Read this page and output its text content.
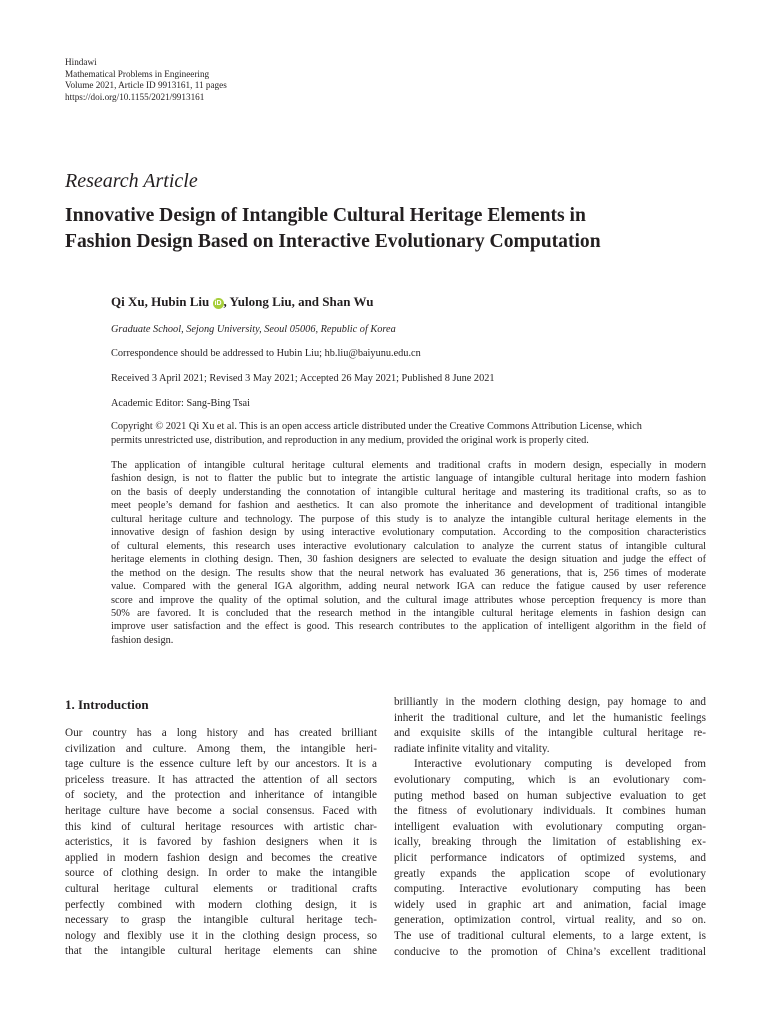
Hindawi
Mathematical Problems in Engineering
Volume 2021, Article ID 9913161, 11 pages
https://doi.org/10.1155/2021/9913161
Research Article
Innovative Design of Intangible Cultural Heritage Elements in
Fashion Design Based on Interactive Evolutionary Computation
Qi Xu, Hubin Liu iD , Yulong Liu, and Shan Wu
Graduate School, Sejong University, Seoul 05006, Republic of Korea
Correspondence should be addressed to Hubin Liu; hb.liu@baiyunu.edu.cn
Received 3 April 2021; Revised 3 May 2021; Accepted 26 May 2021; Published 8 June 2021
Academic Editor: Sang-Bing Tsai
Copyright © 2021 Qi Xu et al. This is an open access article distributed under the Creative Commons Attribution License, which
permits unrestricted use, distribution, and reproduction in any medium, provided the original work is properly cited.
The application of intangible cultural heritage cultural elements and traditional crafts in modern design, especially in modern
fashion design, is not to flatter the public but to integrate the artistic language of intangible cultural heritage into modern fashion
on the basis of deeply understanding the connotation of intangible cultural heritage and mastering its traditional crafts, so as to
meet people’s demand for fashion and aesthetics. It can also promote the inheritance and development of traditional intangible
cultural heritage culture and technology. The purpose of this study is to analyze the intangible cultural heritage elements in the
innovative design of fashion design by using interactive evolutionary computation. According to the composition characteristics
of cultural elements, this research uses interactive evolutionary calculation to analyze the current status of intangible cultural
heritage elements in clothing design. Then, 30 fashion designers are selected to evaluate the design situation and judge the effect of
the method on the design. The results show that the neural network has evaluated 36 generations, that is, 256 times of moderate
value. Compared with the general IGA algorithm, adding neural network IGA can reduce the fatigue caused by user reference
score and improve the quality of the optimal solution, and the cultural image attributes whose perception frequency is more than
50% are favored. It is concluded that the research method in the intangible cultural heritage elements in fashion design can
improve user satisfaction and the effect is good. This research contributes to the application of intelligent algorithm in the field of
fashion design.
1. Introduction
Our country has a long history and has created brilliant
civilization and culture. Among them, the intangible heri-
tage culture is the essence culture left by our ancestors. It is a
priceless treasure. It has attracted the attention of all sectors
of society, and the protection and inheritance of intangible
heritage culture have become a social consensus. Faced with
this kind of cultural heritage resources with artistic char-
acteristics, it is favored by fashion designers when it is
applied in modern fashion design and becomes the creative
source of clothing design. In order to make the intangible
cultural heritage cultural elements or traditional crafts
perfectly combined with modern clothing design, it is
necessary to grasp the intangible cultural heritage tech-
nology and flexibly use it in the clothing design process, so
that the intangible cultural heritage elements can shine
brilliantly in the modern clothing design, pay homage to and
inherit the traditional culture, and let the humanistic feelings
and exquisite skills of the intangible cultural heritage re-
radiate infinite vitality and vitality.
Interactive evolutionary computing is developed from
evolutionary computing, which is an evolutionary com-
puting method based on human subjective evaluation to get
the fitness of evolutionary individuals. It combines human
intelligent evaluation with evolutionary computing organ-
ically, breaking through the limitation of establishing ex-
plicit performance indicators of optimized systems, and
greatly expands the application scope of evolutionary
computing. Interactive evolutionary computing has been
widely used in graphic art and animation, facial image
generation, optimization control, virtual reality, and so on.
The use of traditional cultural elements, to a large extent, is
conducive to the promotion of China’s excellent traditional
